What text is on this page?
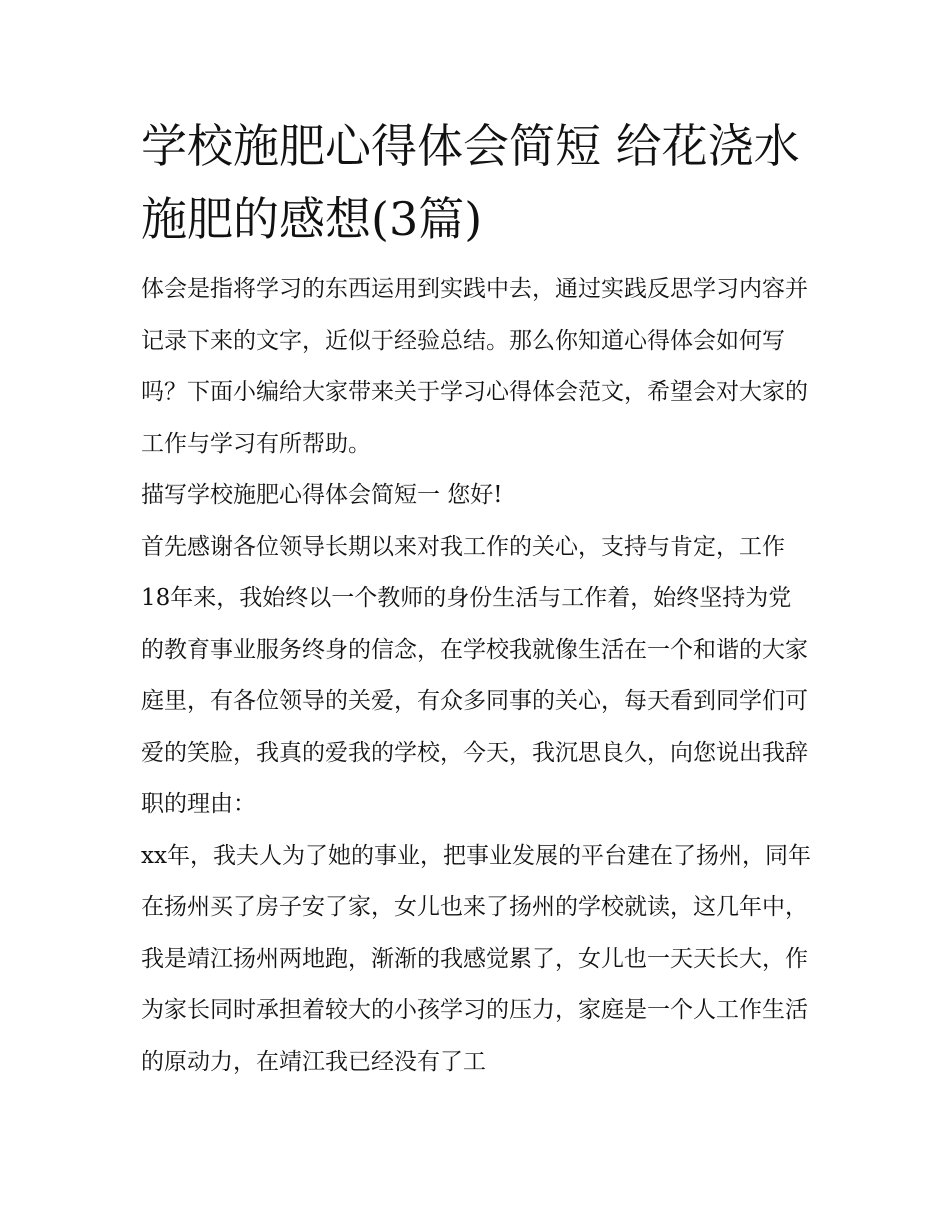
学校施肥心得体会简短 给花浇水施肥的感想(3篇)

体会是指将学习的东西运用到实践中去，通过实践反思学习内容并记录下来的文字，近似于经验总结。那么你知道心得体会如何写吗？下面小编给大家带来关于学习心得体会范文，希望会对大家的工作与学习有所帮助。

描写学校施肥心得体会简短一 您好!

首先感谢各位领导长期以来对我工作的关心，支持与肯定，工作18年来，我始终以一个教师的身份生活与工作着，始终坚持为党的教育事业服务终身的信念，在学校我就像生活在一个和谐的大家庭里，有各位领导的关爱，有众多同事的关心，每天看到同学们可爱的笑脸，我真的爱我的学校，今天，我沉思良久，向您说出我辞职的理由：

xx年，我夫人为了她的事业，把事业发展的平台建在了扬州，同年在扬州买了房子安了家，女儿也来了扬州的学校就读，这几年中，我是靖江扬州两地跑，渐渐的我感觉累了，女儿也一天天长大，作为家长同时承担着较大的小孩学习的压力，家庭是一个人工作生活的原动力，在靖江我已经没有了工
